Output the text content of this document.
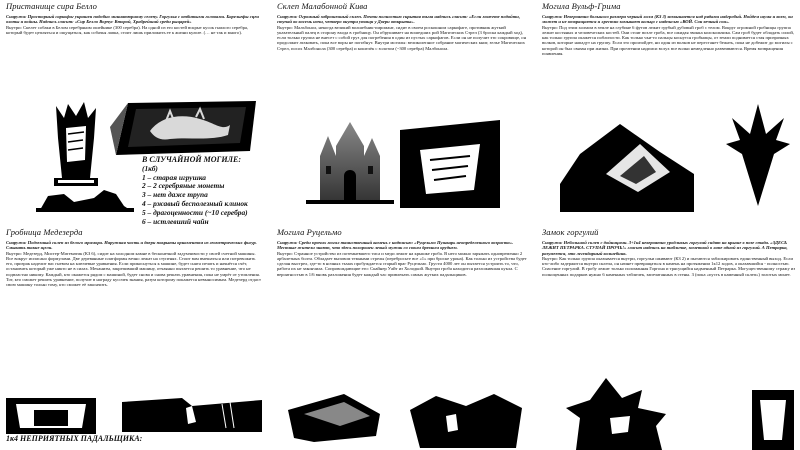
Пристанище сира Белло

Снаружи: Просторный саркофаг украшен подобно миниатюрному селепу. Горгулья с отбитыми головами. Барельефы сцен охоты и войны. Надпись гласит: «Сир Белло Ворчус Второй, Храбрейший среди рыцарей»

Внутри: Скелет собаки в Белом серебряном ошейнике (300 серебра). На одной из его костей вскрыт кусок гнилого серебра, который будет цепляться и ощущаться, как собачья лапка, стоит лишь приложить ее к жизни культе. (… не так и много).

В СЛУЧАЙНОЙ МОГИЛЕ:

(1кб)

1 – старая игрушка

2 – 2 серебряные монеты

3 – нет даже трупа

4 – ржавый бесполезный клинок

5 – драгоценности (~10 серебра)

6 – истлевший чайн

Гробница Медезерда

Снаружи: Подземный склеп из белого мрамора. Наружная часть и двери покрыты орнаментом из геометрических фигур. Смыкать такие щели.

Внутри: Медезерд, Мистер-Математик (КЗ 6), сидит на холодном камне в бесконечной задумчивости у своей счетной машины. Все вокруг исписано формулами. Две деревянные платформы вечно лежат на ступенях. Стоит вам вмешаться или потревожить его, призрак наделит вас гневом на ключевые уравнения. Если прикоснуться к машине, будет снята печать и начнётся счёт, остановить который уже никто не в силах. Механизм, закрепивший машину, отчаянно пытается решить то уравнение, что не подвластно никому. Каждый, кто окажется рядом с машиной, будет снова и снова решать уравнения, пока не умрёт от утомления. Тот, кто сможет решить уравнение, получит в награду кусочек знания, разум которому покажется невыносимым. Медезерд отдаст свою машину только тому, кто сможет её закончить.

Склеп Малабонной Кива

Снаружи: Огромный заброшенный склеп. Почти полностью скрытая тьма надпись гласит: «Если можете подойти, ступай во восемь ночи, четверо внутри утащи у Двери открыты».

Внутри: Мальбонол, некогда великий волшебник-пиромант, сидит в своем роскошном саркофаге, противник жуткий указательный палец в сторону входа в гробницу. Он обрушивает на вошедших рой Магических Стрел (3 броска каждый ход), если только группа не внесет с собой груз для погребения в один из пустых саркофагов. Если он не получит это сокровище, он продолжит атаковать, пока все воры не погибнут. Внутри могилы: великолепное собрание магических книг, зелье Магических Стрел, посох Малбонола (300 серебра) и кошелёк с золотом (~300 серебра) Малбонола.

Могила Руцельмо

Снаружи: Среди прочих могил таинственный камень с надписью: «Руцельмо Пушкарь неопределенного возраста». Местные жители знают, что здесь похоронен левый мужик со своим древним орудием.

Внутри: Странное устройство из потемневшего тиса и меди лежит на крышке гроба. В него можно заряжать одновременно 2 арбалетных болта. Обладает вызовом темными стрелы (перебросьте все «1» при броске урона). Как только из устройства будет сделан выстрел, где-то в ночных тьмах пробуждается старый враг Руцельмо. Грусти 4000 лет он пытается устроить то, что, работа их не закончила. Сопровождающие его: Скайнер Уайт из Холодкой. Внутри гроба находится разложившая кукла. С вероятностью в 1/6 вновь разложения будет каждый час привлекать самых жутких падальщиков.

Могила Вульф-Грима

Снаружи: Невероятно большого размера черный холм (КЗ 3) возвышается над рядами надгробий. Нойдем шума и воем, он может и не возвращается и хрестно замыкает кольцо с надписью «ВОЙ. Сон вечный сон».

Внутри: Под этим холмом в земле на глубине 6 футов лежит грубый дубовый гроб с телом. Вокруг огромной гробницы группа лежит костяных и человеческих костей. Они стоят возле гроба, все ожидая звонка колокольчика. Сам гроб будет обладать силой, как только группа окажется поблизости. Как только чьи-то пальцы коснутся гробницы, от земли поднимется стая призрачных волков, которые нападут на группу. Если это произойдет, ни один из волков не перестанет бежать, пока не добежит до могилы с которой он был связан при жизни. При прочтении надписи вслух все волки немедленно развеиваются. Время возвращения появления.

Замок горгулий

Снаружи: Небольшой склеп с дойницами. 3+1к4 невероятно уродливых горгулий сидят на крыше в позе стада. «ЗДЕСЬ ЛЕЖИТ ПЕТРАРКА. СТУПАЙ ПРОЧЬ!» гласит надпись на табличке, заметной в лапе одной из горгулий. А Петрарка, разумеется, это легендарный волшебник.

Внутри: Как только группа оказывается внутри, горгульи оживают (КЗ 2) и пытаются заблокировать единственный выход. Если кто-либо задержится внутри склепа, он начнет превращаться в камень на протяжении 1к12 ходов, а оказавшийся - полностью. Спасение горгулий. В гробу лежит только поломанная Горгона и трясущийся надменный Петрарка. Могущественному стражу из полноценных подарков нужно 6 каменных табличек, запечатанных в стены. 3 (пока «пусть в каменный склеп») золотых монет.

1к4 НЕПРИЯТНЫХ ПАДАЛЬЩИКА:
